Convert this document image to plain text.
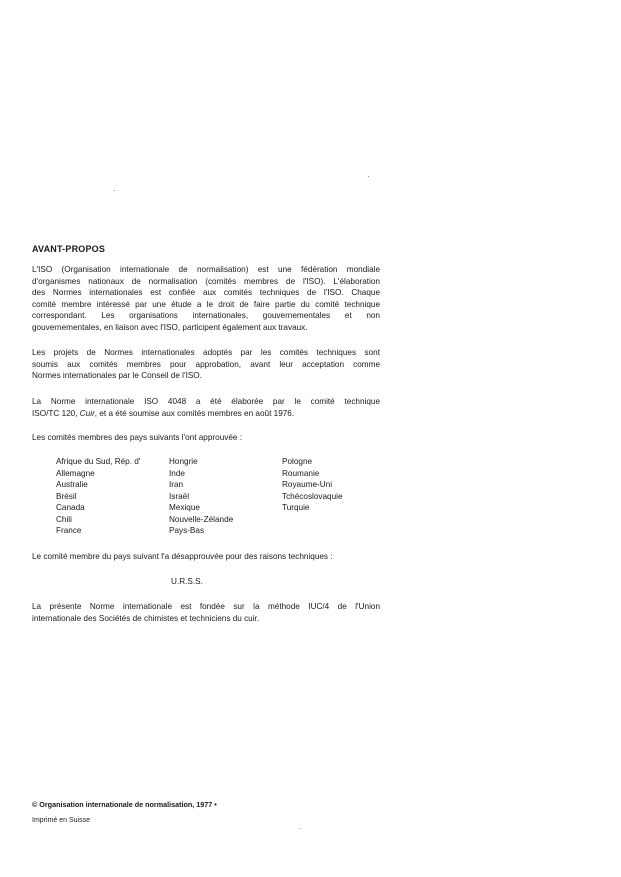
AVANT-PROPOS
L'ISO (Organisation internationale de normalisation) est une fédération mondiale
d'organismes nationaux de normalisation (comités membres de l'ISO). L'élaboration
des Normes internationales est confiée aux comités techniques de l'ISO. Chaque
comité membre intéressé par une étude a le droit de faire partie du comité technique
correspondant. Les organisations internationales, gouvernementales et non
gouvernementales, en liaison avec l'ISO, participent également aux travaux.
Les projets de Normes internationales adoptés par les comités techniques sont
soumis aux comités membres pour approbation, avant leur acceptation comme
Normes internationales par le Conseil de l'ISO.
La Norme internationale ISO 4048 a été élaborée par le comité technique
ISO/TC 120, Cuir, et a été soumise aux comités membres en août 1976.
Les comités membres des pays suivants l'ont approuvée :
Afrique du Sud, Rép. d'
Allemagne
Australie
Brésil
Canada
Chili
France
Hongrie
Inde
Iran
Israël
Mexique
Nouvelle-Zélande
Pays-Bas
Pologne
Roumanie
Royaume-Uni
Tchécoslovaquie
Turquie
Le comité membre du pays suivant l'a désapprouvée pour des raisons techniques :
U.R.S.S.
La présente Norme internationale est fondée sur la méthode IUC/4 de l'Union
internationale des Sociétés de chimistes et techniciens du cuir.
© Organisation internationale de normalisation, 1977 •
Imprimé en Suisse
